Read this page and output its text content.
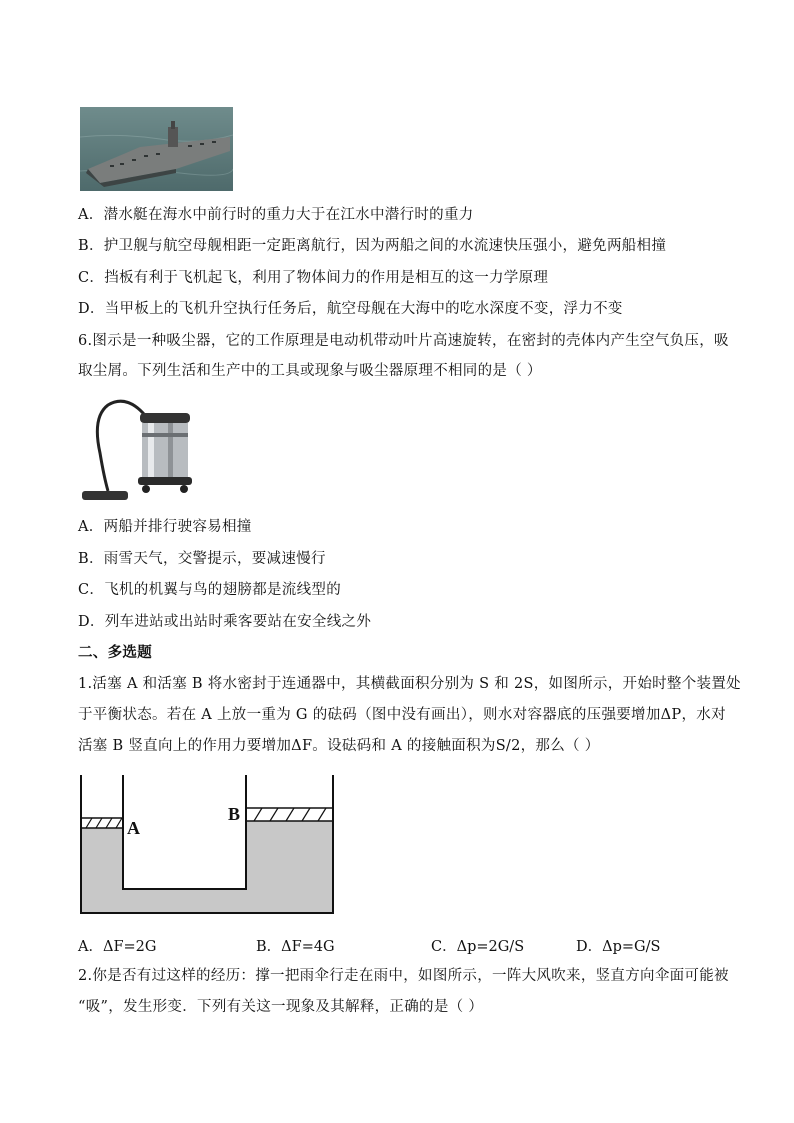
A．潜水艇在海水中前行时的重力大于在江水中潜行时的重力
B．护卫舰与航空母舰相距一定距离航行，因为两船之间的水流速快压强小，避免两船相撞
C．挡板有利于飞机起飞，利用了物体间力的作用是相互的这一力学原理
D．当甲板上的飞机升空执行任务后，航空母舰在大海中的吃水深度不变，浮力不变
6.图示是一种吸尘器，它的工作原理是电动机带动叶片高速旋转，在密封的壳体内产生空气负压，吸
取尘屑。下列生活和生产中的工具或现象与吸尘器原理不相同的是（ ）
A．两船并排行驶容易相撞
B．雨雪天气，交警提示，要减速慢行
C．飞机的机翼与鸟的翅膀都是流线型的
D．列车进站或出站时乘客要站在安全线之外
二、多选题
1.活塞 A 和活塞 B 将水密封于连通器中，其横截面积分别为 S 和 2S，如图所示，开始时整个装置处
于平衡状态。若在 A 上放一重为 G 的砝码（图中没有画出），则水对容器底的压强要增加ΔP，水对
活塞 B 竖直向上的作用力要增加ΔF。设砝码和 A 的接触面积为S/2，那么（ ）
A
B
A．ΔF=2G	B．ΔF=4G	C．Δp=2G/S	D．Δp=G/S
2.你是否有过这样的经历：撑一把雨伞行走在雨中，如图所示，一阵大风吹来，竖直方向伞面可能被
“吸”，发生形变．下列有关这一现象及其解释，正确的是（ ）
